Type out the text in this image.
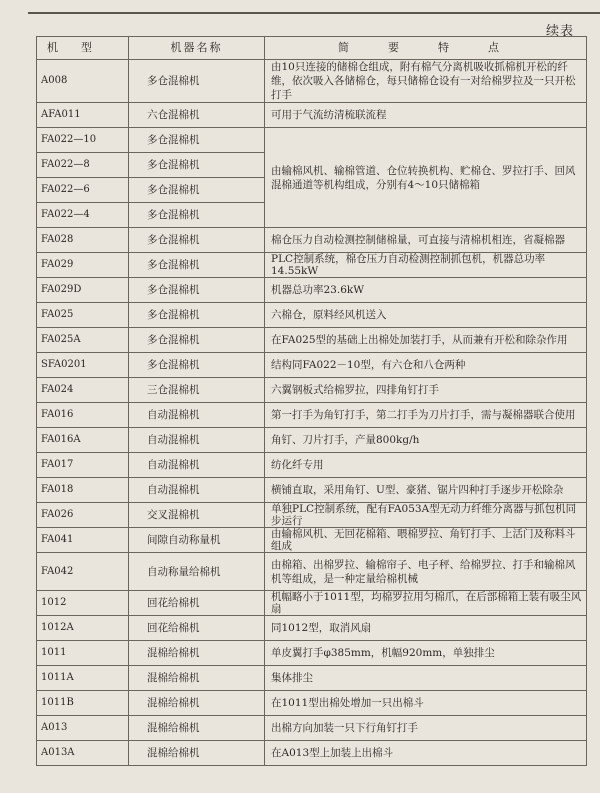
续表
机　型	机器名称	简　要　特　点
A008	多仓混棉机	由10只连接的储棉仓组成，附有棉气分离机吸收抓棉机开松的纤维，依次吸入各储棉仓，每只储棉仓设有一对给棉罗拉及一只开松打手
AFA011	六仓混棉机	可用于气流纺清梳联流程
FA022—10	多仓混棉机	由输棉风机、输棉管道、仓位转换机构、贮棉仓、罗拉打手、回风混棉通道等机构组成，分别有4～10只储棉箱
FA022—8	多仓混棉机	
FA022—6	多仓混棉机	
FA022—4	多仓混棉机	
FA028	多仓混棉机	棉仓压力自动检测控制储棉量，可直接与清棉机相连，省凝棉器
FA029	多仓混棉机	PLC控制系统，棉仓压力自动检测控制抓包机，机器总功率14.55kW
FA029D	多仓混棉机	机器总功率23.6kW
FA025	多仓混棉机	六棉仓，原料经风机送入
FA025A	多仓混棉机	在FA025型的基础上出棉处加装打手，从而兼有开松和除杂作用
SFA0201	多仓混棉机	结构同FA022－10型，有六仓和八仓两种
FA024	三仓混棉机	六翼钢板式给棉罗拉，四排角钉打手
FA016	自动混棉机	第一打手为角钉打手，第二打手为刀片打手，需与凝棉器联合使用
FA016A	自动混棉机	角钉、刀片打手，产量800kg/h
FA017	自动混棉机	纺化纤专用
FA018	自动混棉机	横铺直取，采用角钉、U型、豪猪、锯片四种打手逐步开松除杂
FA026	交叉混棉机	单独PLC控制系统，配有FA053A型无动力纤维分离器与抓包机同步运行
FA041	间隙自动称量机	由输棉风机、无回花棉箱、喂棉罗拉、角钉打手、上活门及称料斗组成
FA042	自动称量给棉机	由棉箱、出棉罗拉、输棉帘子、电子秤、给棉罗拉、打手和输棉风机等组成，是一种定量给棉机械
1012	回花给棉机	机幅略小于1011型，均棉罗拉用匀棉爪，在后部棉箱上装有吸尘风扇
1012A	回花给棉机	同1012型，取消风扇
1011	混棉给棉机	单皮翼打手φ385mm，机幅920mm，单独排尘
1011A	混棉给棉机	集体排尘
1011B	混棉给棉机	在1011型出棉处增加一只出棉斗
A013	混棉给棉机	出棉方向加装一只下行角钉打手
A013A	混棉给棉机	在A013型上加装上出棉斗
